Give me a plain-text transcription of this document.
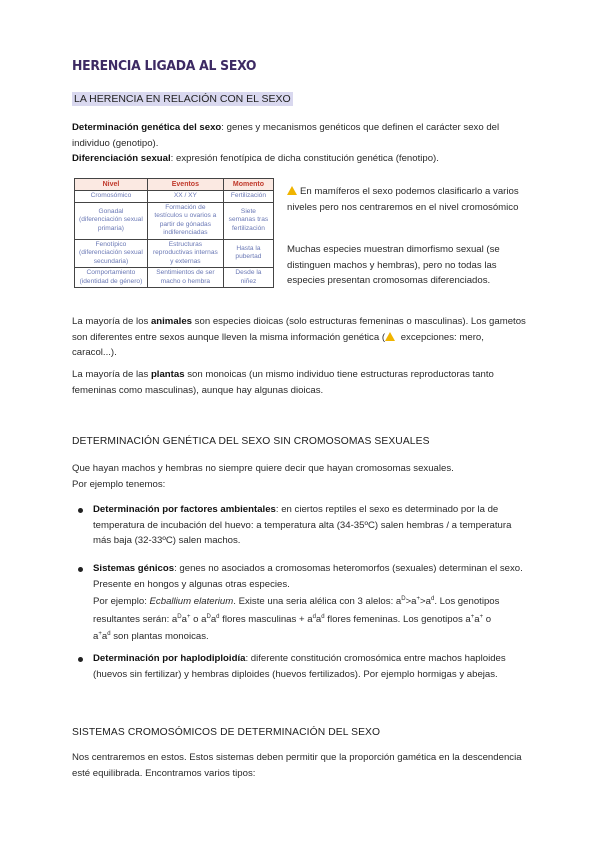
HERENCIA LIGADA AL SEXO
LA HERENCIA EN RELACIÓN CON EL SEXO
Determinación genética del sexo: genes y mecanismos genéticos que definen el carácter sexo del individuo (genotipo).
Diferenciación sexual: expresión fenotípica de dicha constitución genética (fenotipo).
Nivel	Eventos	Momento
Cromosómico	XX / XY	Fertilización
Gonadal (diferenciación sexual primaria)	Formación de testículos u ovarios a partir de gónadas indiferenciadas	Siete semanas tras fertilización
Fenotípico (diferenciación sexual secundaria)	Estructuras reproductivas internas y externas	Hasta la pubertad
Comportamiento (identidad de género)	Sentimientos de ser macho o hembra	Desde la niñez
En mamíferos el sexo podemos clasificarlo a varios niveles pero nos centraremos en el nivel cromosómico
Muchas especies muestran dimorfismo sexual (se distinguen machos y hembras), pero no todas las especies presentan cromosomas diferenciados.
La mayoría de los animales son especies dioicas (solo estructuras femeninas o masculinas). Los gametos son diferentes entre sexos aunque lleven la misma información genética ( excepciones: mero, caracol...).
La mayoría de las plantas son monoicas (un mismo individuo tiene estructuras reproductoras tanto femeninas como masculinas), aunque hay algunas dioicas.
DETERMINACIÓN GENÉTICA DEL SEXO SIN CROMOSOMAS SEXUALES
Que hayan machos y hembras no siempre quiere decir que hayan cromosomas sexuales.
Por ejemplo tenemos:
Determinación por factores ambientales: en ciertos reptiles el sexo es determinado por la de temperatura de incubación del huevo: a temperatura alta (34-35ºC) salen hembras / a temperatura más baja (32-33ºC) salen machos.
Sistemas génicos: genes no asociados a cromosomas heteromorfos (sexuales) determinan el sexo. Presente en hongos y algunas otras especies.
Por ejemplo: Ecballium elaterium. Existe una seria alélica con 3 alelos: $a^D>a^+>a^d$. Los genotipos
resultantes serán: $a^Da^+$ o $a^Da^d$ flores masculinas + $a^da^d$ flores femeninas. Los genotipos a+a+ o
$a^+a^d$ son plantas monoicas.
Determinación por haplodiploidía: diferente constitución cromosómica entre machos haploides (huevos sin fertilizar) y hembras diploides (huevos fertilizados). Por ejemplo hormigas y abejas.
SISTEMAS CROMOSÓMICOS DE DETERMINACIÓN DEL SEXO
Nos centraremos en estos. Estos sistemas deben permitir que la proporción gamética en la descendencia esté equilibrada. Encontramos varios tipos:
